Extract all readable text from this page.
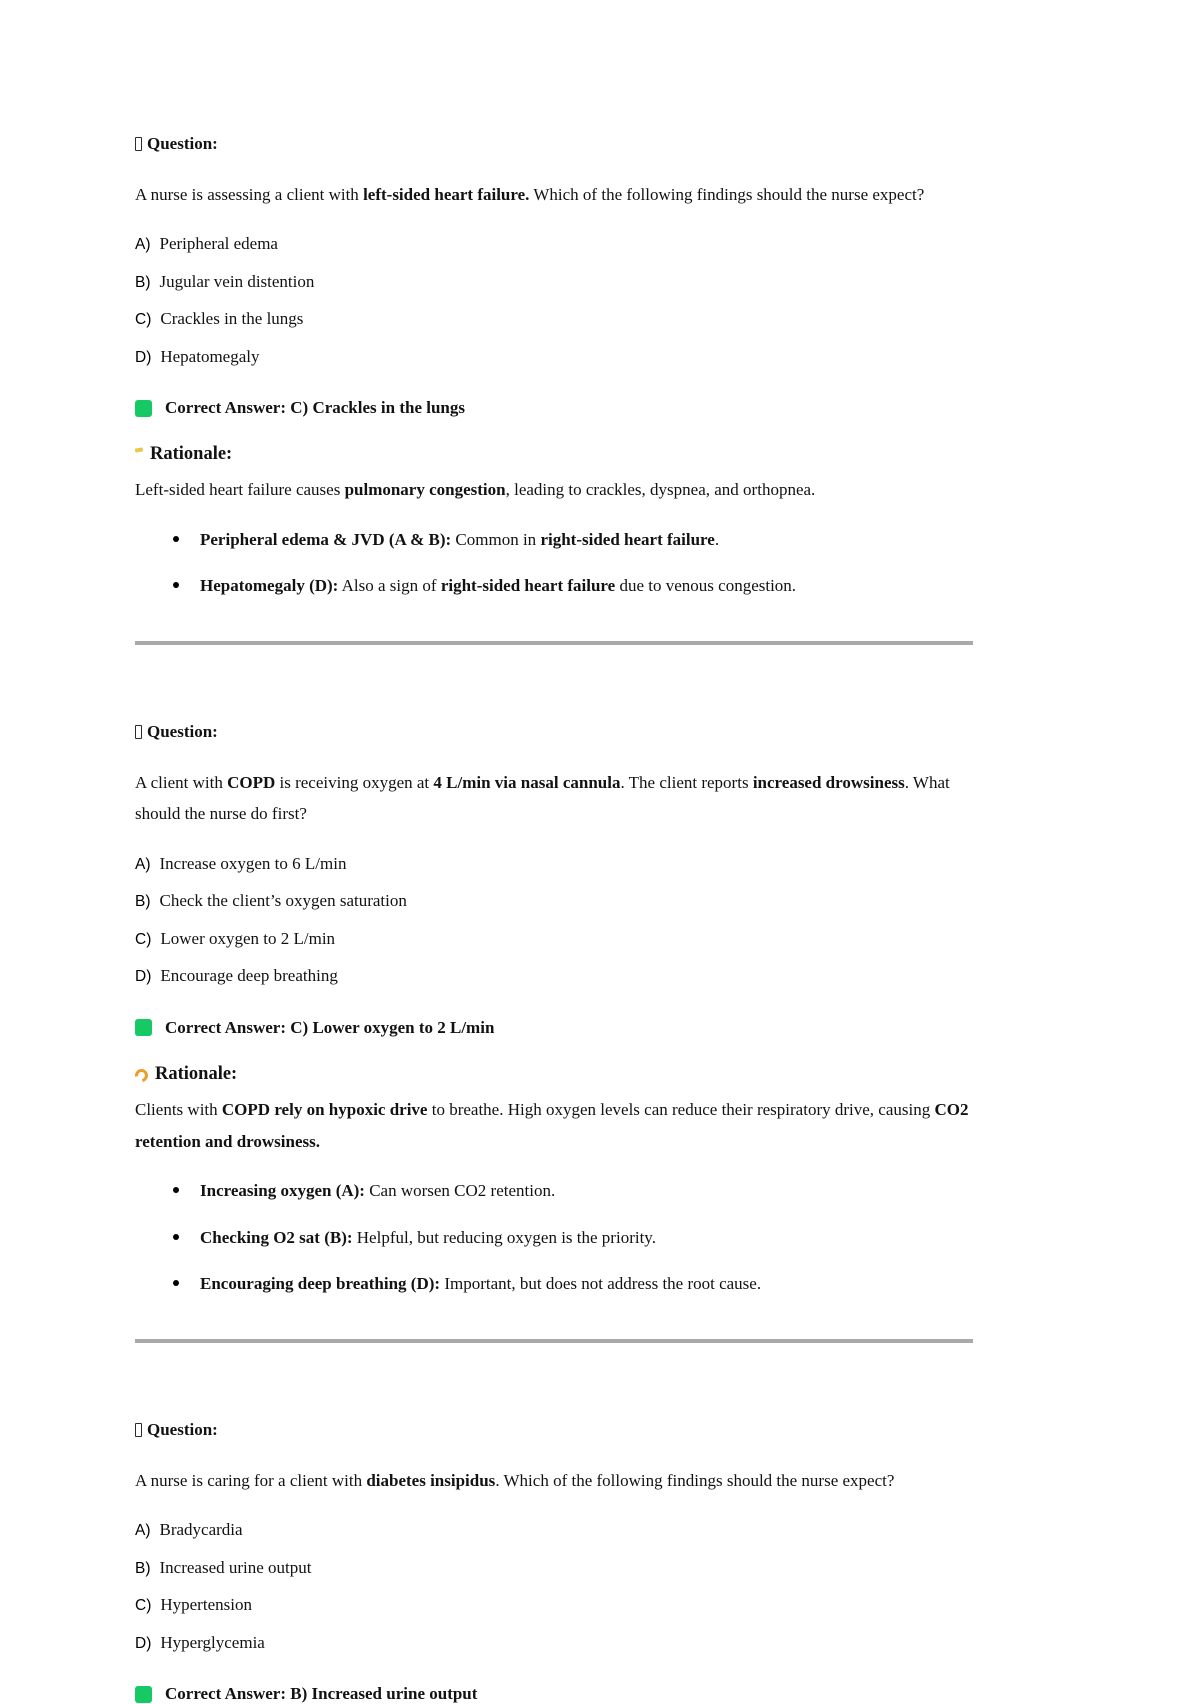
Question:

A nurse is assessing a client with left-sided heart failure. Which of the following findings should the nurse expect?

A) Peripheral edema
B) Jugular vein distention
C) Crackles in the lungs
D) Hepatomegaly
Correct Answer: C) Crackles in the lungs
Rationale:

Left-sided heart failure causes pulmonary congestion, leading to crackles, dyspnea, and orthopnea.

Peripheral edema & JVD (A & B): Common in right-sided heart failure.
Hepatomegaly (D): Also a sign of right-sided heart failure due to venous congestion.
Question:

A client with COPD is receiving oxygen at 4 L/min via nasal cannula. The client reports increased drowsiness. What should the nurse do first?

A) Increase oxygen to 6 L/min
B) Check the client’s oxygen saturation
C) Lower oxygen to 2 L/min
D) Encourage deep breathing
Correct Answer: C) Lower oxygen to 2 L/min
Rationale:

Clients with COPD rely on hypoxic drive to breathe. High oxygen levels can reduce their respiratory drive, causing CO2 retention and drowsiness.

Increasing oxygen (A): Can worsen CO2 retention.
Checking O2 sat (B): Helpful, but reducing oxygen is the priority.
Encouraging deep breathing (D): Important, but does not address the root cause.
Question:

A nurse is caring for a client with diabetes insipidus. Which of the following findings should the nurse expect?

A) Bradycardia
B) Increased urine output
C) Hypertension
D) Hyperglycemia
Correct Answer: B) Increased urine output
